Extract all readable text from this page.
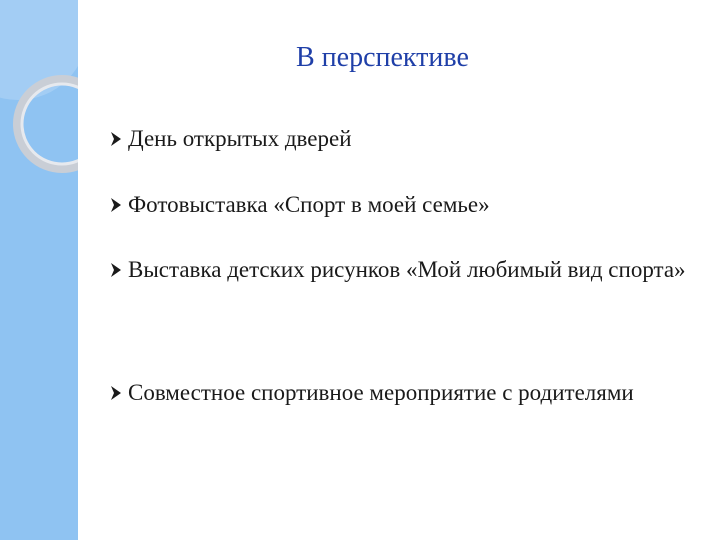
В перспективе
День открытых дверей
Фотовыставка «Спорт в моей семье»
Выставка детских рисунков «Мой любимый вид спорта»
Совместное спортивное мероприятие с родителями
